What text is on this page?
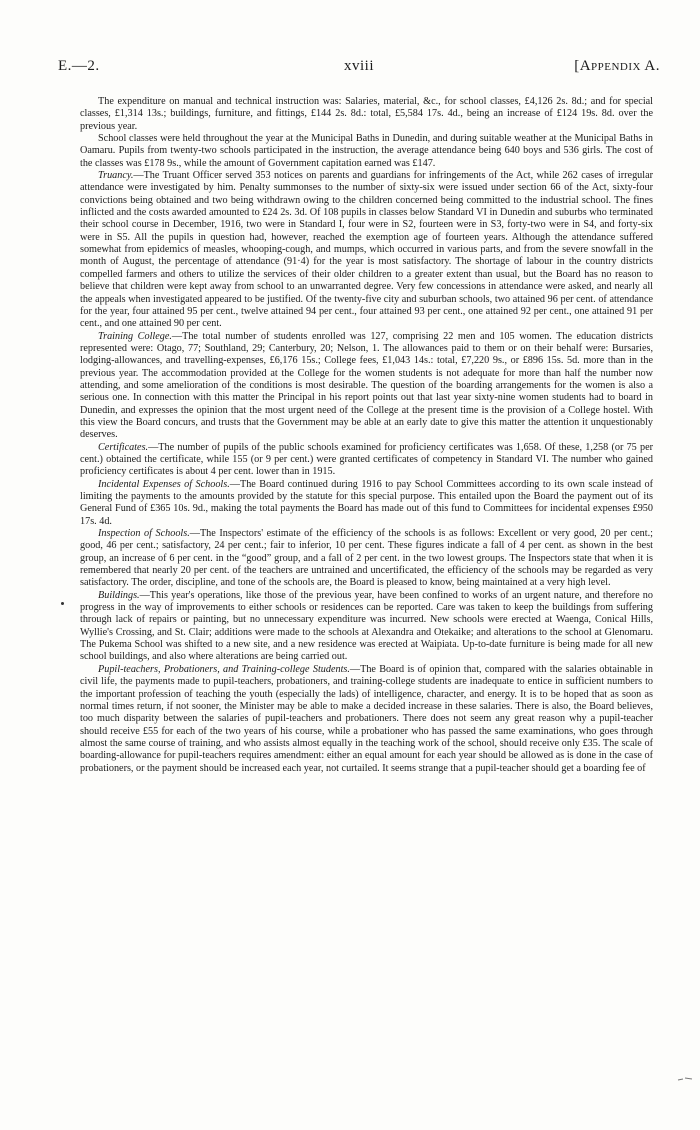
E.—2.	xviii	[Appendix A.

The expenditure on manual and technical instruction was: Salaries, material, &c., for school classes, £4,126 2s. 8d.; and for special classes, £1,314 13s.; buildings, furniture, and fittings, £144 2s. 8d.: total, £5,584 17s. 4d., being an increase of £124 19s. 8d. over the previous year.

School classes were held throughout the year at the Municipal Baths in Dunedin, and during suitable weather at the Municipal Baths in Oamaru. Pupils from twenty-two schools participated in the instruction, the average attendance being 640 boys and 536 girls. The cost of the classes was £178 9s., while the amount of Government capitation earned was £147.

Truancy.—The Truant Officer served 353 notices on parents and guardians for infringements of the Act, while 262 cases of irregular attendance were investigated by him. Penalty summonses to the number of sixty-six were issued under section 66 of the Act, sixty-four convictions being obtained and two being withdrawn owing to the children concerned being committed to the industrial school. The fines inflicted and the costs awarded amounted to £24 2s. 3d. Of 108 pupils in classes below Standard VI in Dunedin and suburbs who terminated their school course in December, 1916, two were in Standard I, four were in S2, fourteen were in S3, forty-two were in S4, and forty-six were in S5. All the pupils in question had, however, reached the exemption age of fourteen years. Although the attendance suffered somewhat from epidemics of measles, whooping-cough, and mumps, which occurred in various parts, and from the severe snowfall in the month of August, the percentage of attendance (91·4) for the year is most satisfactory. The shortage of labour in the country districts compelled farmers and others to utilize the services of their older children to a greater extent than usual, but the Board has no reason to believe that children were kept away from school to an unwarranted degree. Very few concessions in attendance were asked, and nearly all the appeals when investigated appeared to be justified. Of the twenty-five city and suburban schools, two attained 96 per cent. of attendance for the year, four attained 95 per cent., twelve attained 94 per cent., four attained 93 per cent., one attained 92 per cent., one attained 91 per cent., and one attained 90 per cent.

Training College.—The total number of students enrolled was 127, comprising 22 men and 105 women. The education districts represented were: Otago, 77; Southland, 29; Canterbury, 20; Nelson, 1. The allowances paid to them or on their behalf were: Bursaries, lodging-allowances, and travelling-expenses, £6,176 15s.; College fees, £1,043 14s.: total, £7,220 9s., or £896 15s. 5d. more than in the previous year. The accommodation provided at the College for the women students is not adequate for more than half the number now attending, and some amelioration of the conditions is most desirable. The question of the boarding arrangements for the women is also a serious one. In connection with this matter the Principal in his report points out that last year sixty-nine women students had to board in Dunedin, and expresses the opinion that the most urgent need of the College at the present time is the provision of a College hostel. With this view the Board concurs, and trusts that the Government may be able at an early date to give this matter the attention it unquestionably deserves.

Certificates.—The number of pupils of the public schools examined for proficiency certificates was 1,658. Of these, 1,258 (or 75 per cent.) obtained the certificate, while 155 (or 9 per cent.) were granted certificates of competency in Standard VI. The number who gained proficiency certificates is about 4 per cent. lower than in 1915.

Incidental Expenses of Schools.—The Board continued during 1916 to pay School Committees according to its own scale instead of limiting the payments to the amounts provided by the statute for this special purpose. This entailed upon the Board the payment out of its General Fund of £365 10s. 9d., making the total payments the Board has made out of this fund to Committees for incidental expenses £950 17s. 4d.

Inspection of Schools.—The Inspectors' estimate of the efficiency of the schools is as follows: Excellent or very good, 20 per cent.; good, 46 per cent.; satisfactory, 24 per cent.; fair to inferior, 10 per cent. These figures indicate a fall of 4 per cent. as shown in the best group, an increase of 6 per cent. in the “good” group, and a fall of 2 per cent. in the two lowest groups. The Inspectors state that when it is remembered that nearly 20 per cent. of the teachers are untrained and uncertificated, the efficiency of the schools may be regarded as very satisfactory. The order, discipline, and tone of the schools are, the Board is pleased to know, being maintained at a very high level.

Buildings.—This year's operations, like those of the previous year, have been confined to works of an urgent nature, and therefore no progress in the way of improvements to either schools or residences can be reported. Care was taken to keep the buildings from suffering through lack of repairs or painting, but no unnecessary expenditure was incurred. New schools were erected at Waenga, Conical Hills, Wyllie's Crossing, and St. Clair; additions were made to the schools at Alexandra and Otekaike; and alterations to the school at Glenomaru. The Pukema School was shifted to a new site, and a new residence was erected at Waipiata. Up-to-date furniture is being made for all new school buildings, and also where alterations are being carried out.

Pupil-teachers, Probationers, and Training-college Students.—The Board is of opinion that, compared with the salaries obtainable in civil life, the payments made to pupil-teachers, probationers, and training-college students are inadequate to entice in sufficient numbers to the important profession of teaching the youth (especially the lads) of intelligence, character, and energy. It is to be hoped that as soon as normal times return, if not sooner, the Minister may be able to make a decided increase in these salaries. There is also, the Board believes, too much disparity between the salaries of pupil-teachers and probationers. There does not seem any great reason why a pupil-teacher should receive £55 for each of the two years of his course, while a probationer who has passed the same examinations, who goes through almost the same course of training, and who assists almost equally in the teaching work of the school, should receive only £35. The scale of boarding-allowance for pupil-teachers requires amendment: either an equal amount for each year should be allowed as is done in the case of probationers, or the payment should be increased each year, not curtailed. It seems strange that a pupil-teacher should get a boarding fee of
